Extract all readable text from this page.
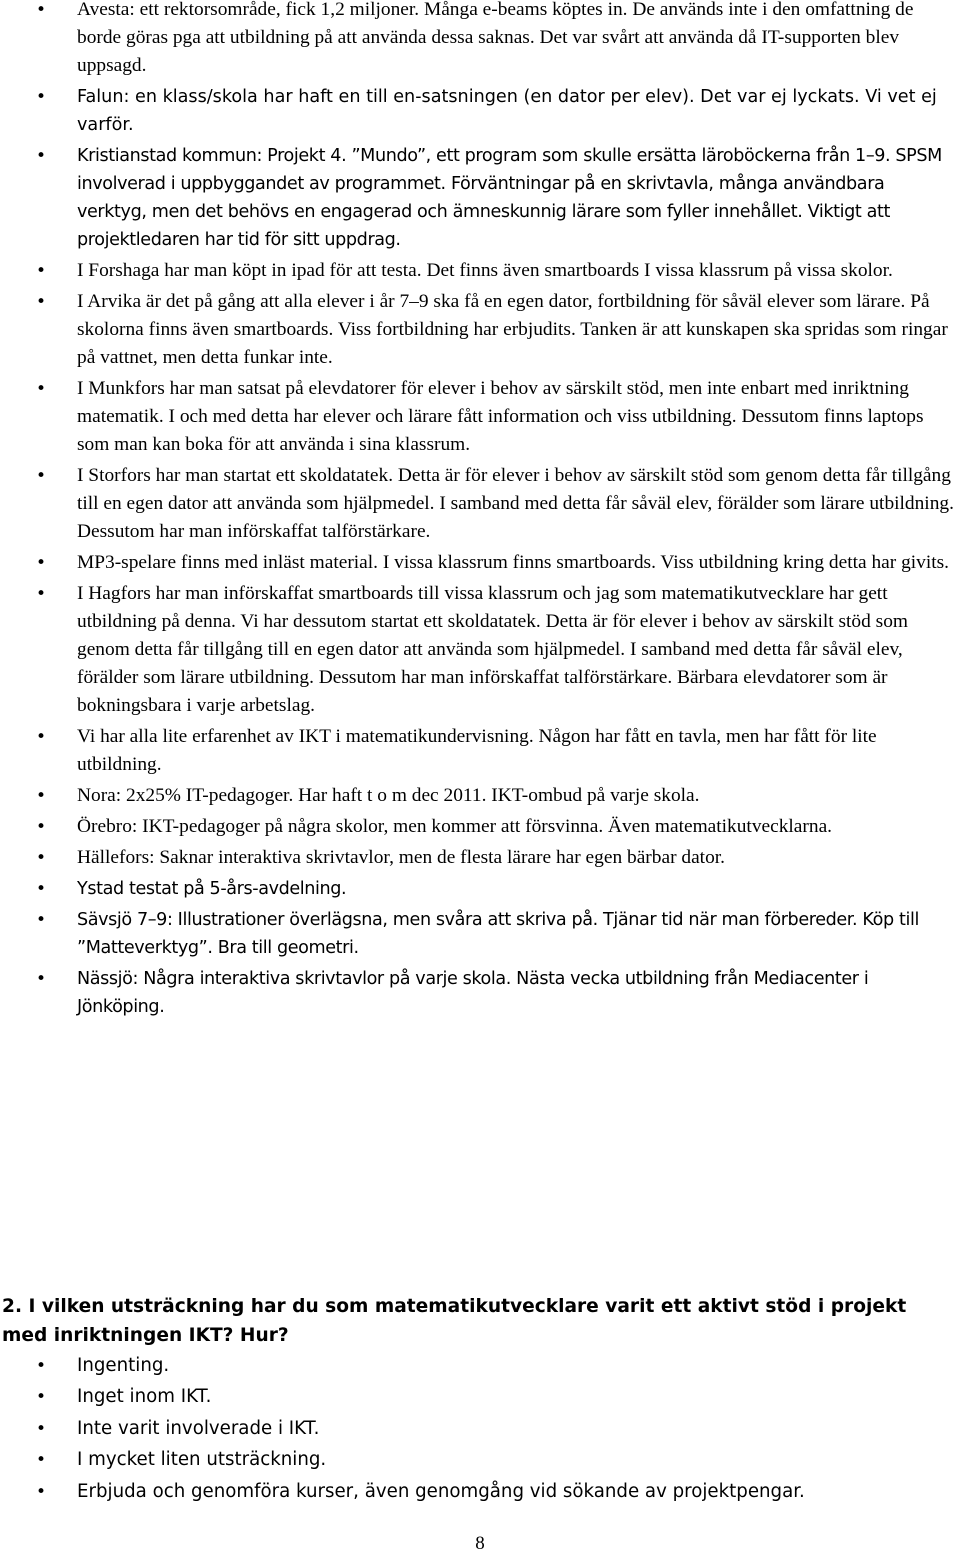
• Avesta: ett rektorsområde, fick 1,2 miljoner. Många e-beams köptes in. De används inte i den omfattning de borde göras pga att utbildning på att använda dessa saknas. Det var svårt att använda då IT-supporten blev uppsagd.
• Falun: en klass/skola har haft en till en-satsningen (en dator per elev). Det var ej lyckats. Vi vet ej varför.
• Kristianstad kommun: Projekt 4. ”Mundo”, ett program som skulle ersätta läroböckerna från 1–9. SPSM involverad i uppbyggandet av programmet. Förväntningar på en skrivtavla, många användbara verktyg, men det behövs en engagerad och ämneskunnig lärare som fyller innehållet. Viktigt att projektledaren har tid för sitt uppdrag.
• I Forshaga har man köpt in ipad för att testa. Det finns även smartboards I vissa klassrum på vissa skolor.
• I Arvika är det på gång att alla elever i år 7–9 ska få en egen dator, fortbildning för såväl elever som lärare. På skolorna finns även smartboards. Viss fortbildning har erbjudits. Tanken är att kunskapen ska spridas som ringar på vattnet, men detta funkar inte.
• I Munkfors har man satsat på elevdatorer för elever i behov av särskilt stöd, men inte enbart med inriktning matematik. I och med detta har elever och lärare fått information och viss utbildning. Dessutom finns laptops som man kan boka för att använda i sina klassrum.
• I Storfors har man startat ett skoldatatek. Detta är för elever i behov av särskilt stöd som genom detta får tillgång till en egen dator att använda som hjälpmedel. I samband med detta får såväl elev, förälder som lärare utbildning. Dessutom har man införskaffat talförstärkare.
• MP3-spelare finns med inläst material. I vissa klassrum finns smartboards. Viss utbildning kring detta har givits.
• I Hagfors har man införskaffat smartboards till vissa klassrum och jag som matematikutvecklare har gett utbildning på denna. Vi har dessutom startat ett skoldatatek. Detta är för elever i behov av särskilt stöd som genom detta får tillgång till en egen dator att använda som hjälpmedel. I samband med detta får såväl elev, förälder som lärare utbildning. Dessutom har man införskaffat talförstärkare. Bärbara elevdatorer som är bokningsbara i varje arbetslag.
• Vi har alla lite erfarenhet av IKT i matematikundervisning. Någon har fått en tavla, men har fått för lite utbildning.
• Nora: 2x25% IT-pedagoger. Har haft t o m dec 2011. IKT-ombud på varje skola.
• Örebro: IKT-pedagoger på några skolor, men kommer att försvinna. Även matematikutvecklarna.
• Hällefors: Saknar interaktiva skrivtavlor, men de flesta lärare har egen bärbar dator.
• Ystad testat på 5-års-avdelning.
• Sävsjö 7–9: Illustrationer överlägsna, men svåra att skriva på. Tjänar tid när man förbereder. Köp till ”Matteverktyg”. Bra till geometri.
• Nässjö: Några interaktiva skrivtavlor på varje skola. Nästa vecka utbildning från Mediacenter i Jönköping.
2. I vilken utsträckning har du som matematikutvecklare varit ett aktivt stöd i projekt med inriktningen IKT? Hur?
• Ingenting.
• Inget inom IKT.
• Inte varit involverade i IKT.
• I mycket liten utsträckning.
• Erbjuda och genomföra kurser, även genomgång vid sökande av projektpengar.
8
